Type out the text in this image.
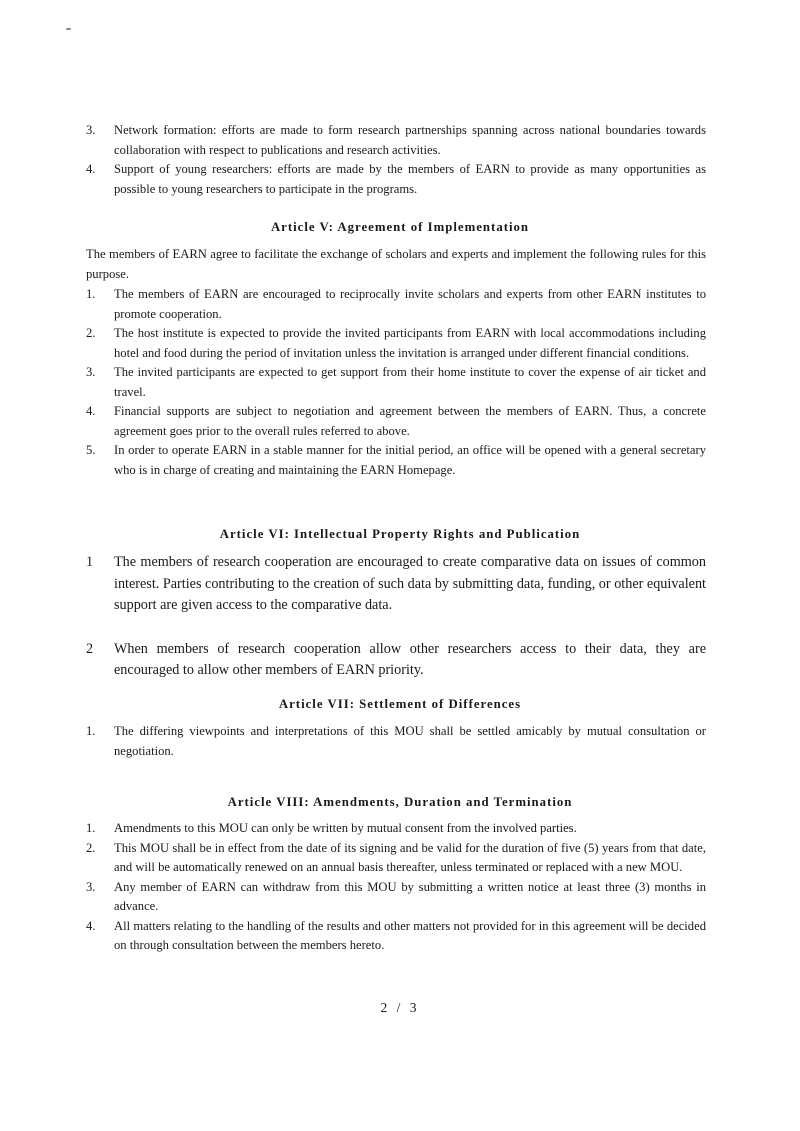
3.	Network formation: efforts are made to form research partnerships spanning across national boundaries towards collaboration with respect to publications and research activities.
4.	Support of young researchers: efforts are made by the members of EARN to provide as many opportunities as possible to young researchers to participate in the programs.
Article V: Agreement of Implementation
The members of EARN agree to facilitate the exchange of scholars and experts and implement the following rules for this purpose.
1.	The members of EARN are encouraged to reciprocally invite scholars and experts from other EARN institutes to promote cooperation.
2.	The host institute is expected to provide the invited participants from EARN with local accommodations including hotel and food during the period of invitation unless the invitation is arranged under different financial conditions.
3.	The invited participants are expected to get support from their home institute to cover the expense of air ticket and travel.
4.	Financial supports are subject to negotiation and agreement between the members of EARN. Thus, a concrete agreement goes prior to the overall rules referred to above.
5.	In order to operate EARN in a stable manner for the initial period, an office will be opened with a general secretary who is in charge of creating and maintaining the EARN Homepage.
Article VI: Intellectual Property Rights and Publication
1	The members of research cooperation are encouraged to create comparative data on issues of common interest. Parties contributing to the creation of such data by submitting data, funding, or other equivalent support are given access to the comparative data.
2	When members of research cooperation allow other researchers access to their data, they are encouraged to allow other members of EARN priority.
Article VII: Settlement of Differences
1.	The differing viewpoints and interpretations of this MOU shall be settled amicably by mutual consultation or negotiation.
Article VIII: Amendments, Duration and Termination
1.	Amendments to this MOU can only be written by mutual consent from the involved parties.
2.	This MOU shall be in effect from the date of its signing and be valid for the duration of five (5) years from that date, and will be automatically renewed on an annual basis thereafter, unless terminated or replaced with a new MOU.
3.	Any member of EARN can withdraw from this MOU by submitting a written notice at least three (3) months in advance.
4.	All matters relating to the handling of the results and other matters not provided for in this agreement will be decided on through consultation between the members hereto.
2 / 3
